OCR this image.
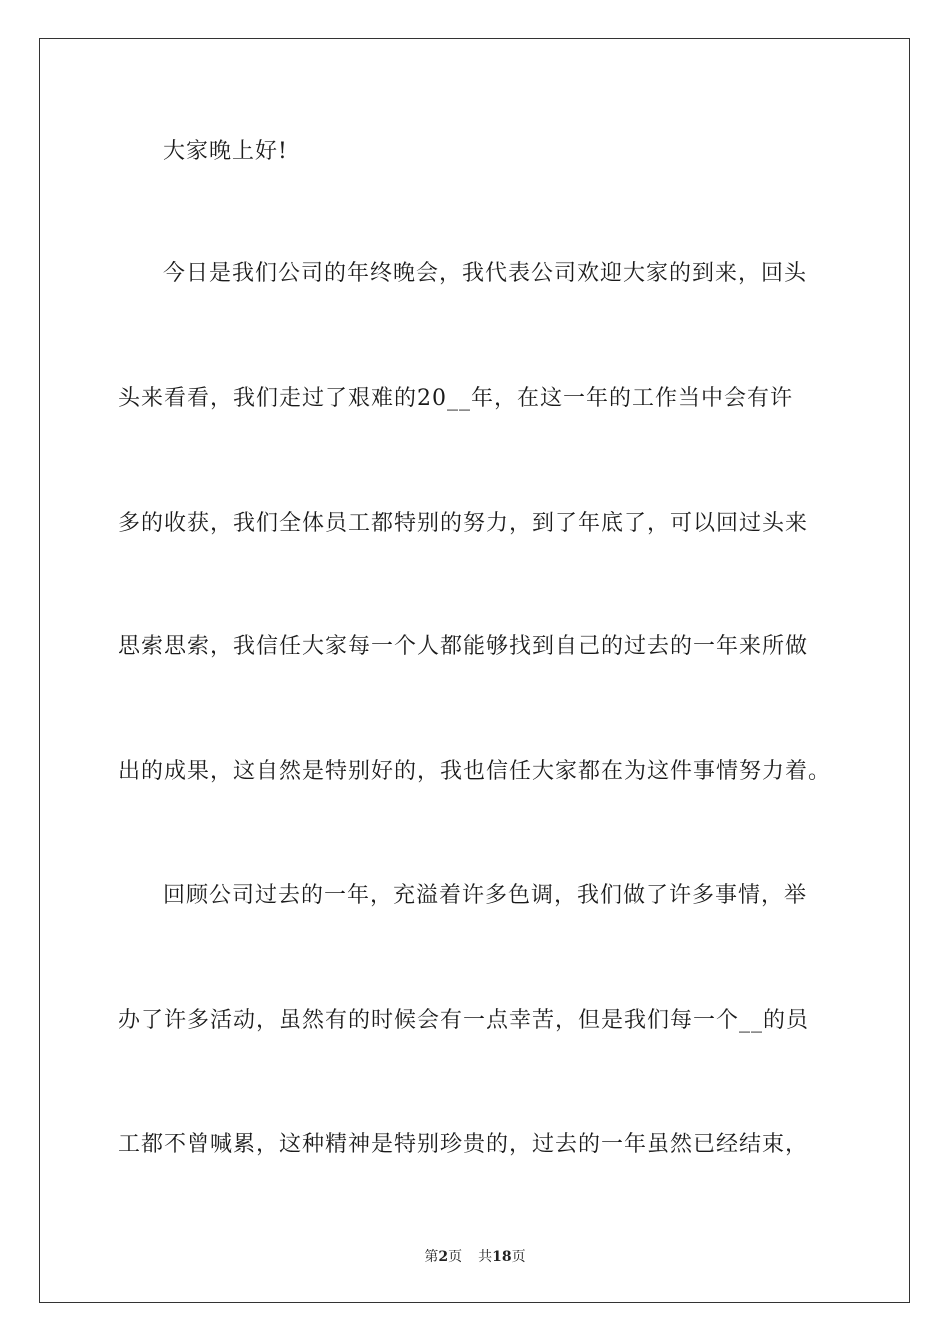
大家晚上好!
今日是我们公司的年终晚会，我代表公司欢迎大家的到来，回头
头来看看，我们走过了艰难的20__年，在这一年的工作当中会有许
多的收获，我们全体员工都特别的努力，到了年底了，可以回过头来
思索思索，我信任大家每一个人都能够找到自己的过去的一年来所做
出的成果，这自然是特别好的，我也信任大家都在为这件事情努力着。
回顾公司过去的一年，充溢着许多色调，我们做了许多事情，举
办了许多活动，虽然有的时候会有一点幸苦，但是我们每一个__的员
工都不曾喊累，这种精神是特别珍贵的，过去的一年虽然已经结束，
第2页 共18页
